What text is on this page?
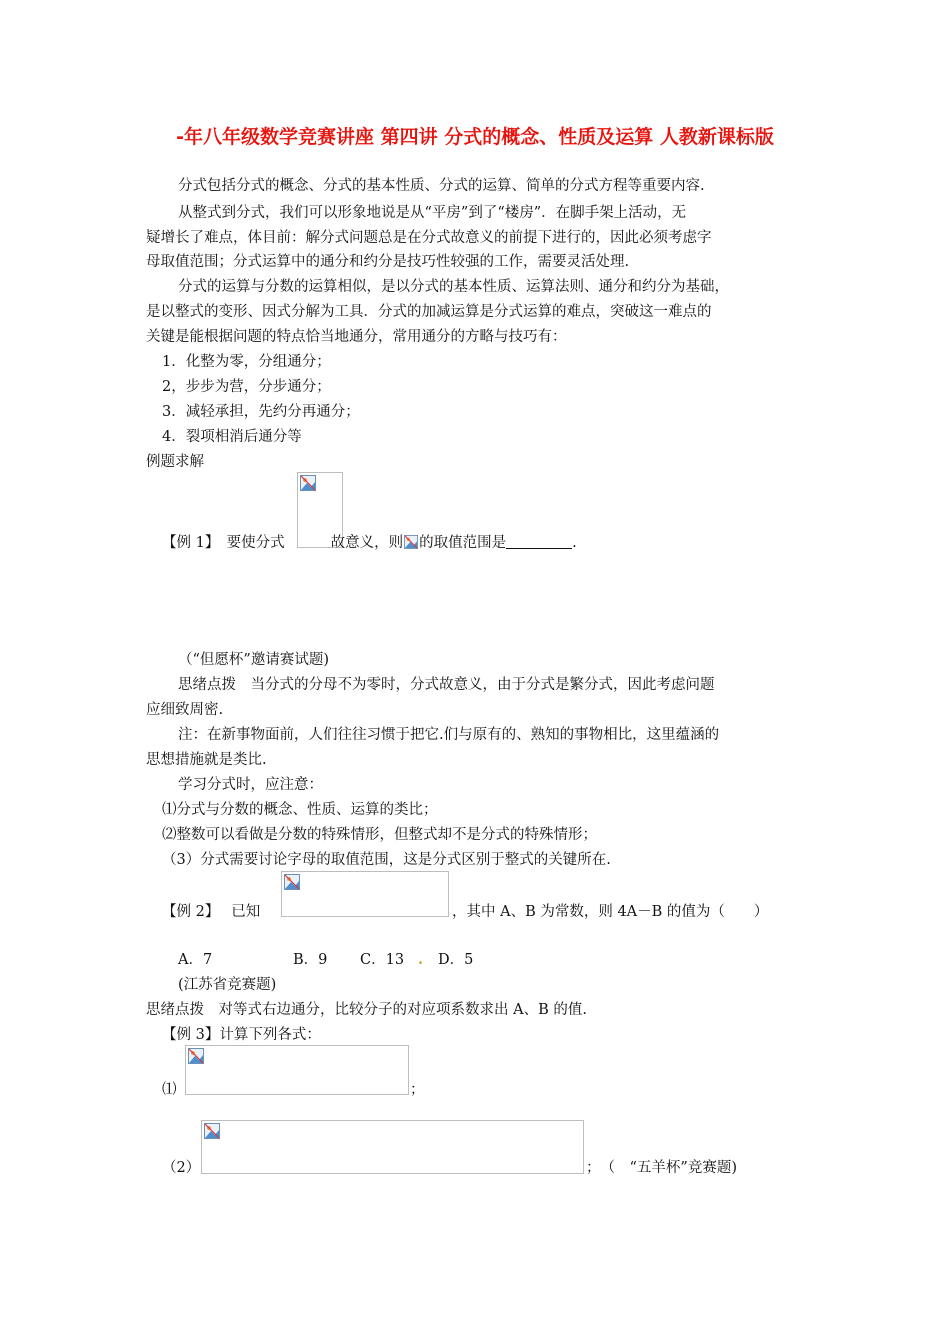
-年八年级数学竞赛讲座 第四讲 分式的概念、性质及运算 人教新课标版
分式包括分式的概念、分式的基本性质、分式的运算、简单的分式方程等重要内容.
从整式到分式，我们可以形象地说是从“平房”到了“楼房”．在脚手架上活动，无
疑增长了难点，体目前：解分式问题总是在分式故意义的前提下进行的，因此必须考虑字
母取值范围；分式运算中的通分和约分是技巧性较强的工作，需要灵活处理.
分式的运算与分数的运算相似，是以分式的基本性质、运算法则、通分和约分为基础，
是以整式的变形、因式分解为工具．分式的加减运算是分式运算的难点，突破这一难点的
关键是能根据问题的特点恰当地通分，常用通分的方略与技巧有：
1．化整为零，分组通分；
2，步步为营，分步通分；
3．减轻承担，先约分再通分；
4．裂项相消后通分等
例题求解
【例 1】　 要使分式	故意义，则 的取值范围是	.
（“但愿杯”邀请赛试题)
思绪点拨　当分式的分母不为零时，分式故意义，由于分式是繁分式，因此考虑问题
应细致周密.
注：在新事物面前，人们往往习惯于把它.们与原有的、熟知的事物相比，这里蕴涵的
思想措施就是类比.
学习分式时，应注意：
⑴分式与分数的概念、性质、运算的类比；
⑵整数可以看做是分数的特殊情形，但整式却不是分式的特殊情形；
（3）分式需要讨论字母的取值范围，这是分式区别于整式的关键所在.
【例 2】　 已知	，其中 A、B 为常数，则 4A－B 的值为（　　）
A．7	B．9 C．13 . D．5
(江苏省竞赛题)
思绪点拨　对等式右边通分，比较分子的对应项系数求出 A、B 的值.
【例 3】计算下列各式：
⑴	；
（2）	；　（　“五羊杯”竞赛题)
